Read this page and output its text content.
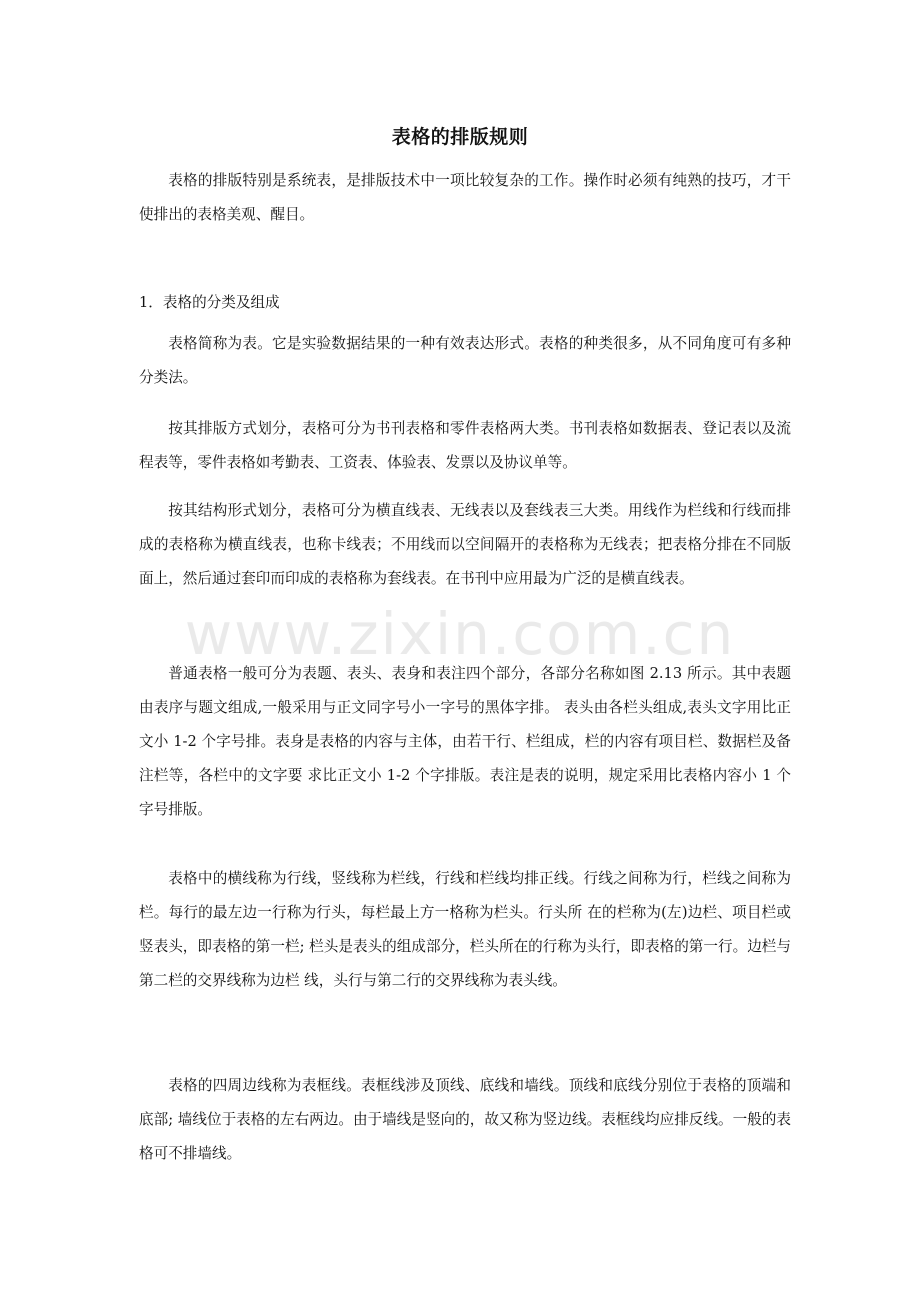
表格的排版规则
表格的排版特别是系统表，是排版技术中一项比较复杂的工作。操作时必须有纯熟的技巧，才干使排出的表格美观、醒目。
1．表格的分类及组成
表格简称为表。它是实验数据结果的一种有效表达形式。表格的种类很多，从不同角度可有多种分类法。
按其排版方式划分，表格可分为书刊表格和零件表格两大类。书刊表格如数据表、登记表以及流程表等，零件表格如考勤表、工资表、体验表、发票以及协议单等。
按其结构形式划分，表格可分为横直线表、无线表以及套线表三大类。用线作为栏线和行线而排成的表格称为横直线表，也称卡线表；不用线而以空间隔开的表格称为无线表；把表格分排在不同版面上，然后通过套印而印成的表格称为套线表。在书刊中应用最为广泛的是横直线表。
普通表格一般可分为表题、表头、表身和表注四个部分，各部分名称如图 2.13 所示。其中表题由表序与题文组成,一般采用与正文同字号小一字号的黑体字排。 表头由各栏头组成,表头文字用比正文小 1-2 个字号排。表身是表格的内容与主体，由若干行、栏组成，栏的内容有项目栏、数据栏及备注栏等，各栏中的文字要 求比正文小 1-2 个字排版。表注是表的说明，规定采用比表格内容小 1 个字号排版。
表格中的横线称为行线，竖线称为栏线，行线和栏线均排正线。行线之间称为行，栏线之间称为栏。每行的最左边一行称为行头，每栏最上方一格称为栏头。行头所 在的栏称为(左)边栏、项目栏或竖表头，即表格的第一栏; 栏头是表头的组成部分，栏头所在的行称为头行，即表格的第一行。边栏与第二栏的交界线称为边栏 线，头行与第二行的交界线称为表头线。
表格的四周边线称为表框线。表框线涉及顶线、底线和墙线。顶线和底线分别位于表格的顶端和底部; 墙线位于表格的左右两边。由于墙线是竖向的，故又称为竖边线。表框线均应排反线。一般的表格可不排墙线。
www.zixin.com.cn
